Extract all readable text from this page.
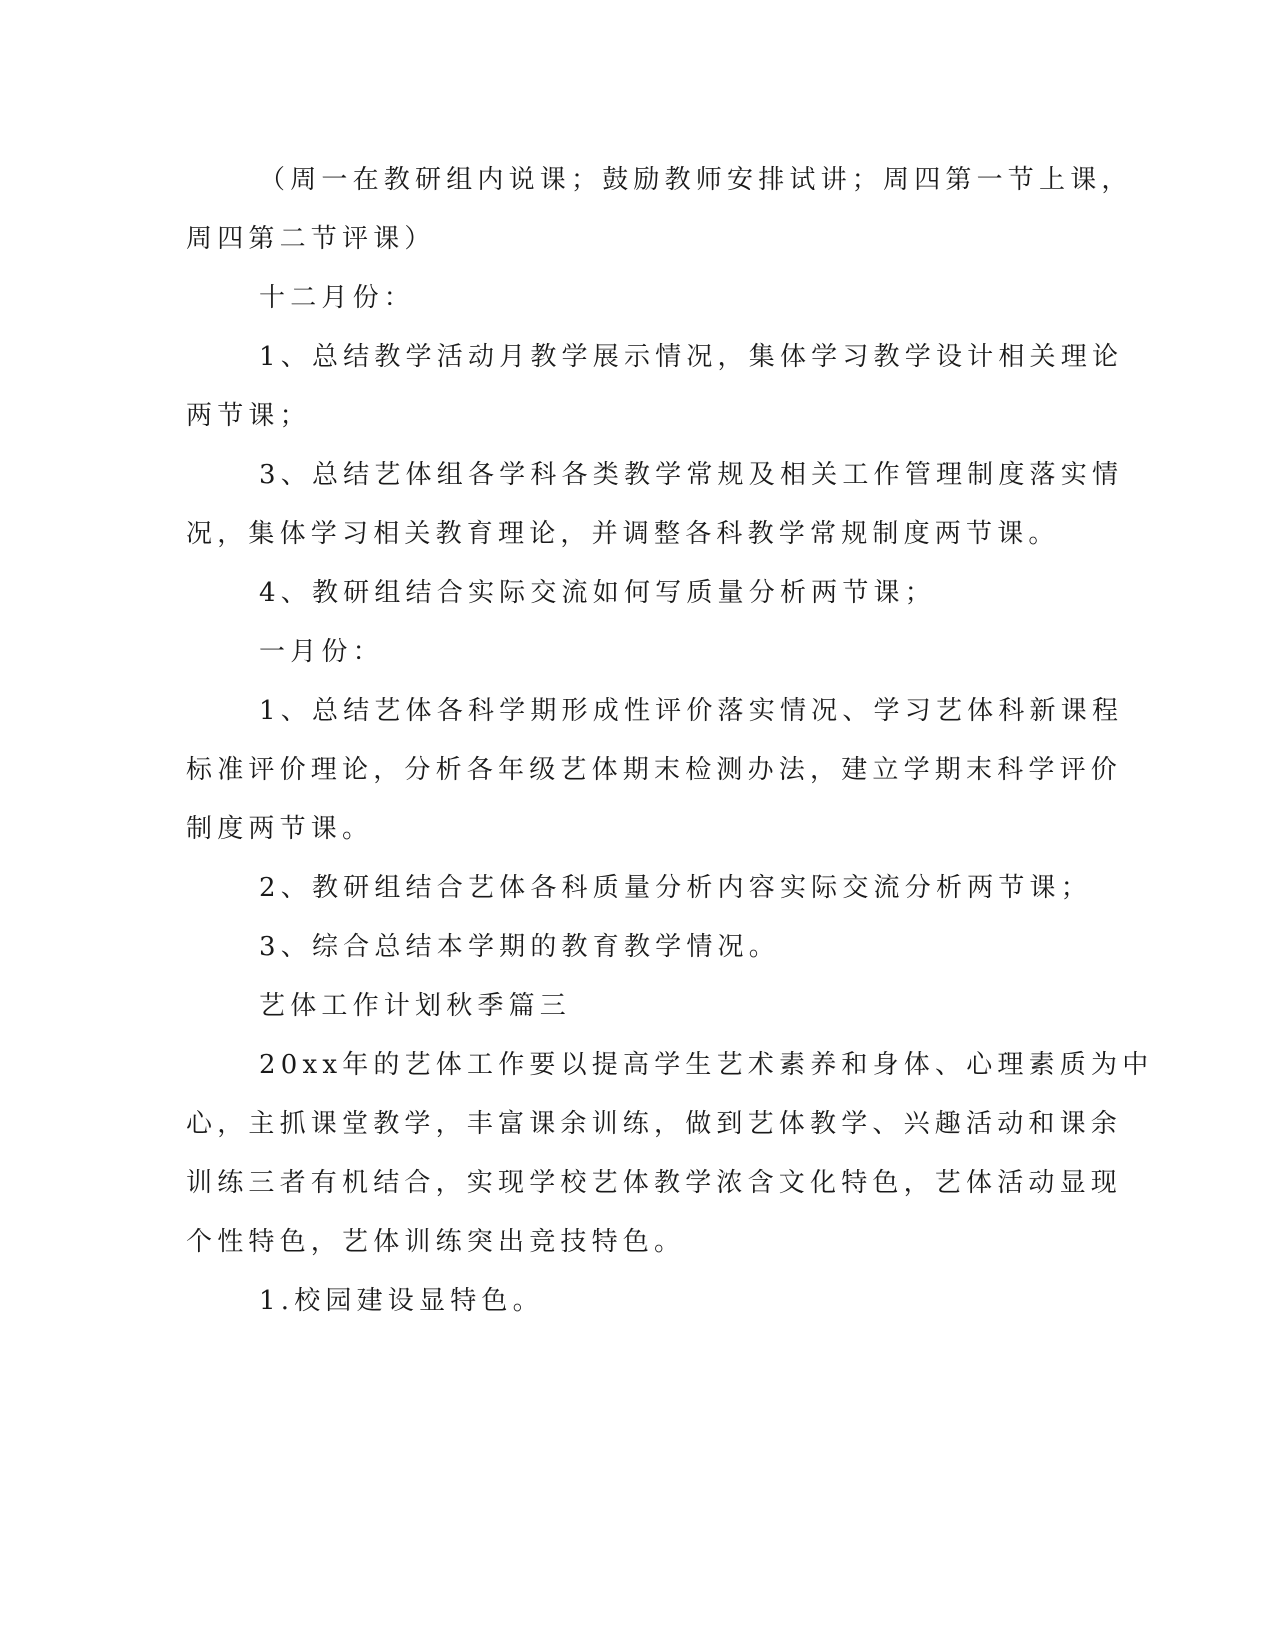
（周一在教研组内说课；鼓励教师安排试讲；周四第一节上课，
周四第二节评课）
十二月份：
1、总结教学活动月教学展示情况，集体学习教学设计相关理论
两节课；
3、总结艺体组各学科各类教学常规及相关工作管理制度落实情
况，集体学习相关教育理论，并调整各科教学常规制度两节课。
4、教研组结合实际交流如何写质量分析两节课；
一月份：
1、总结艺体各科学期形成性评价落实情况、学习艺体科新课程
标准评价理论，分析各年级艺体期末检测办法，建立学期末科学评价
制度两节课。
2、教研组结合艺体各科质量分析内容实际交流分析两节课；
3、综合总结本学期的教育教学情况。
艺体工作计划秋季篇三
20xx年的艺体工作要以提高学生艺术素养和身体、心理素质为中
心，主抓课堂教学，丰富课余训练，做到艺体教学、兴趣活动和课余
训练三者有机结合，实现学校艺体教学浓含文化特色，艺体活动显现
个性特色，艺体训练突出竞技特色。
1.校园建设显特色。
